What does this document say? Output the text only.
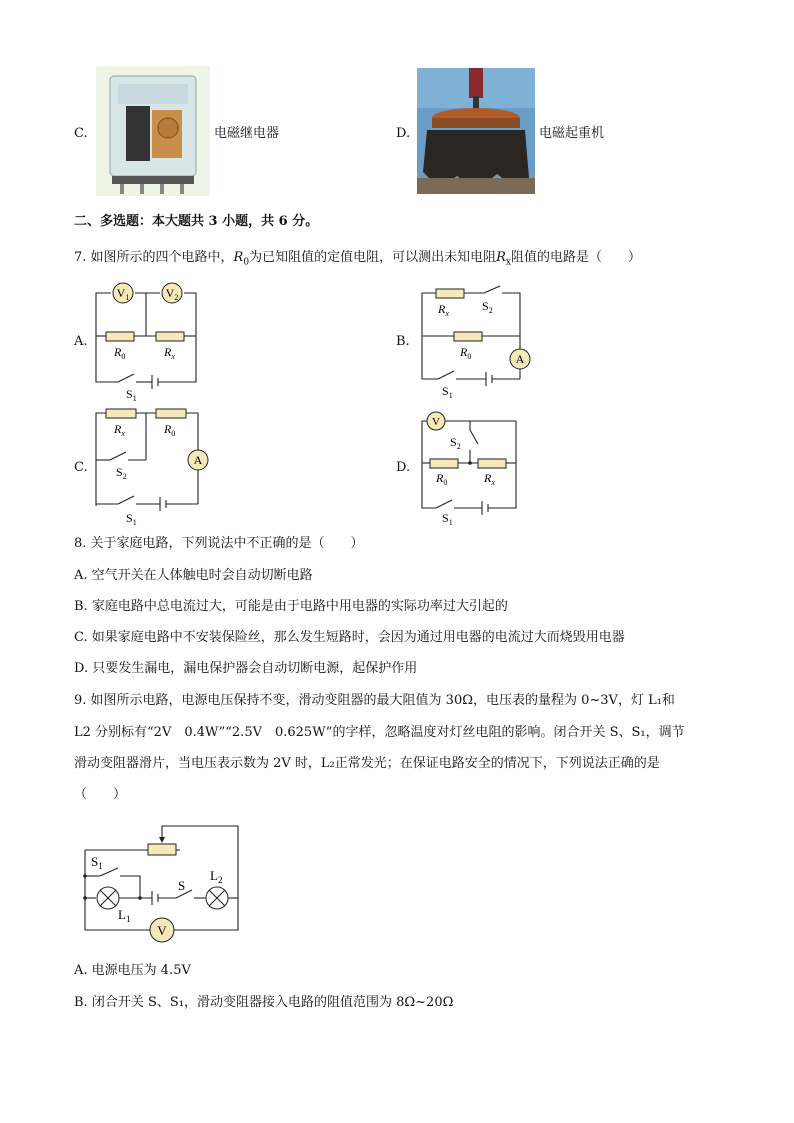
C.	电磁继电器	D.	电磁起重机
二、多选题：本大题共 3 小题，共 6 分。
7. 如图所示的四个电路中，$R_0$为已知阻值的定值电阻，可以测出未知电阻$R_x$阻值的电路是（　　）
A.
$V_1$	$V_2$
$R_0$	$R_x$
$S_1$
B.
A
$R_x$
$S_2$
$R_0$
$S_1$
C.	A
$R_x$	$R_0$
$S_2$
$S_1$
D.
V
$S_2$
$R_0$	$R_x$
$S_1$
8. 关于家庭电路，下列说法中不正确的是（　　）
A. 空气开关在人体触电时会自动切断电路
B. 家庭电路中总电流过大，可能是由于电路中用电器的实际功率过大引起的
C. 如果家庭电路中不安装保险丝，那么发生短路时，会因为通过用电器的电流过大而烧毁用电器
D. 只要发生漏电，漏电保护器会自动切断电源，起保护作用
9. 如图所示电路，电源电压保持不变，滑动变阻器的最大阻值为 30Ω，电压表的量程为 0~3V，灯 L₁和
L2 分别标有“2V　0.4W”“2.5V　0.625W”的字样，忽略温度对灯丝电阻的影响。闭合开关 S、S₁，调节
滑动变阻器滑片，当电压表示数为 2V 时，L₂正常发光；在保证电路安全的情况下，下列说法正确的是
（　　）
V
$S_1$
S
$L_2$
$L_1$
A. 电源电压为 4.5V
B. 闭合开关 S、S₁，滑动变阻器接入电路的阻值范围为 8Ω~20Ω
